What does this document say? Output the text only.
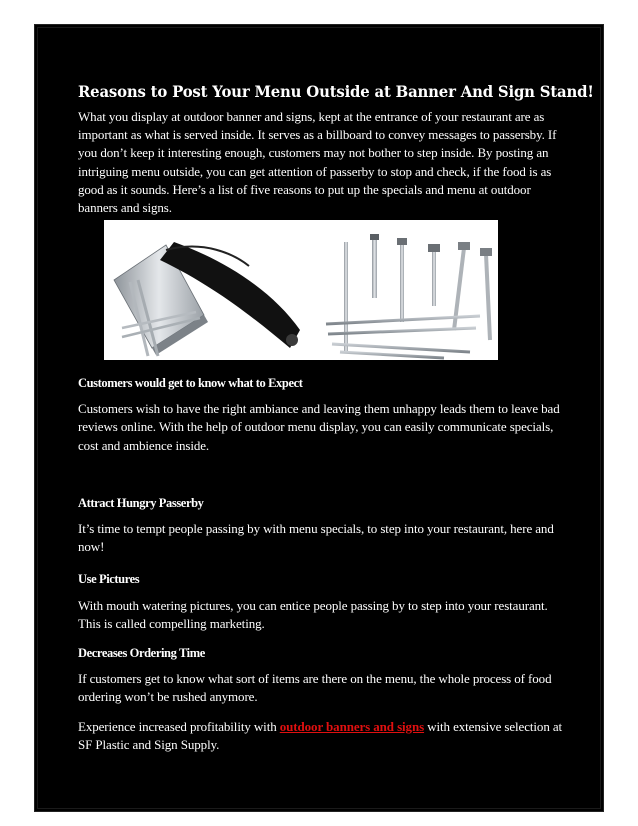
Reasons to Post Your Menu Outside at Banner And Sign Stand!

What you display at outdoor banner and signs, kept at the entrance of your restaurant are as important as what is served inside. It serves as a billboard to convey messages to passersby. If you don’t keep it interesting enough, customers may not bother to step inside. By posting an intriguing menu outside, you can get attention of passerby to stop and check, if the food is as good as it sounds. Here’s a list of five reasons to put up the specials and menu at outdoor banners and signs.

Customers would get to know what to Expect

Customers wish to have the right ambiance and leaving them unhappy leads them to leave bad reviews online. With the help of outdoor menu display, you can easily communicate specials, cost and ambience inside.

Attract Hungry Passerby

It’s time to tempt people passing by with menu specials, to step into your restaurant, here and now!

Use Pictures

With mouth watering pictures, you can entice people passing by to step into your restaurant. This is called compelling marketing.

Decreases Ordering Time

If customers get to know what sort of items are there on the menu, the whole process of food ordering won’t be rushed anymore.

Experience increased profitability with outdoor banners and signs with extensive selection at SF Plastic and Sign Supply.
